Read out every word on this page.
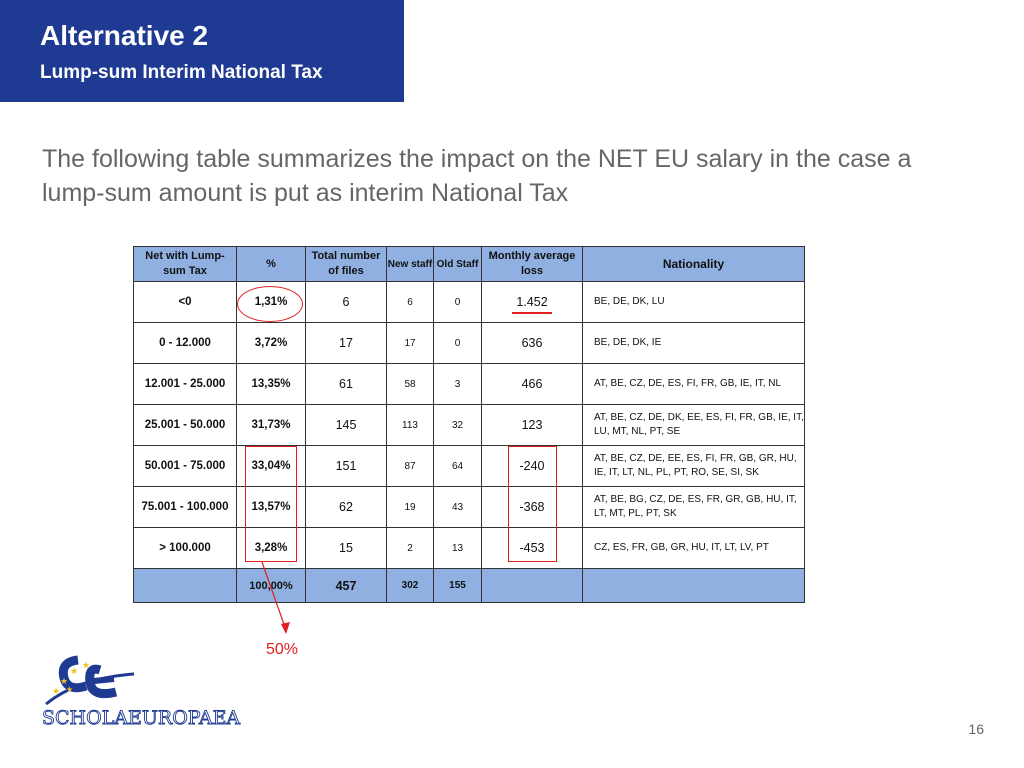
Alternative 2
Lump-sum Interim National Tax
The following table summarizes the impact on the NET EU salary in the case a lump-sum amount is put as interim National Tax
Net with Lump-sum Tax	%	Total number of files	New staff	Old Staff	Monthly average loss	Nationality
<0	1,31%	6	6	0	1.452	BE, DE, DK, LU
0 - 12.000	3,72%	17	17	0	636	BE, DE, DK, IE
12.001 - 25.000	13,35%	61	58	3	466	AT, BE, CZ, DE, ES, FI, FR, GB, IE, IT, NL
25.001 - 50.000	31,73%	145	113	32	123	AT, BE, CZ, DE, DK, EE, ES, FI, FR, GB, IE, IT, LU, MT, NL, PT, SE
50.001 - 75.000	33,04%	151	87	64	-240	AT, BE, CZ, DE, EE, ES, FI, FR, GB, GR, HU, IE, IT, LT, NL, PL, PT, RO, SE, SI, SK
75.001 - 100.000	13,57%	62	19	43	-368	AT, BE, BG, CZ, DE, ES, FR, GR, GB, HU, IT, LT, MT, PL, PT, SK
> 100.000	3,28%	15	2	13	-453	CZ, ES, FR, GB, GR, HU, IT, LT, LV, PT
	100,00%	457	302	155		
50%
★
★
★
★
★
SCHOLAEUROPAEA	16
